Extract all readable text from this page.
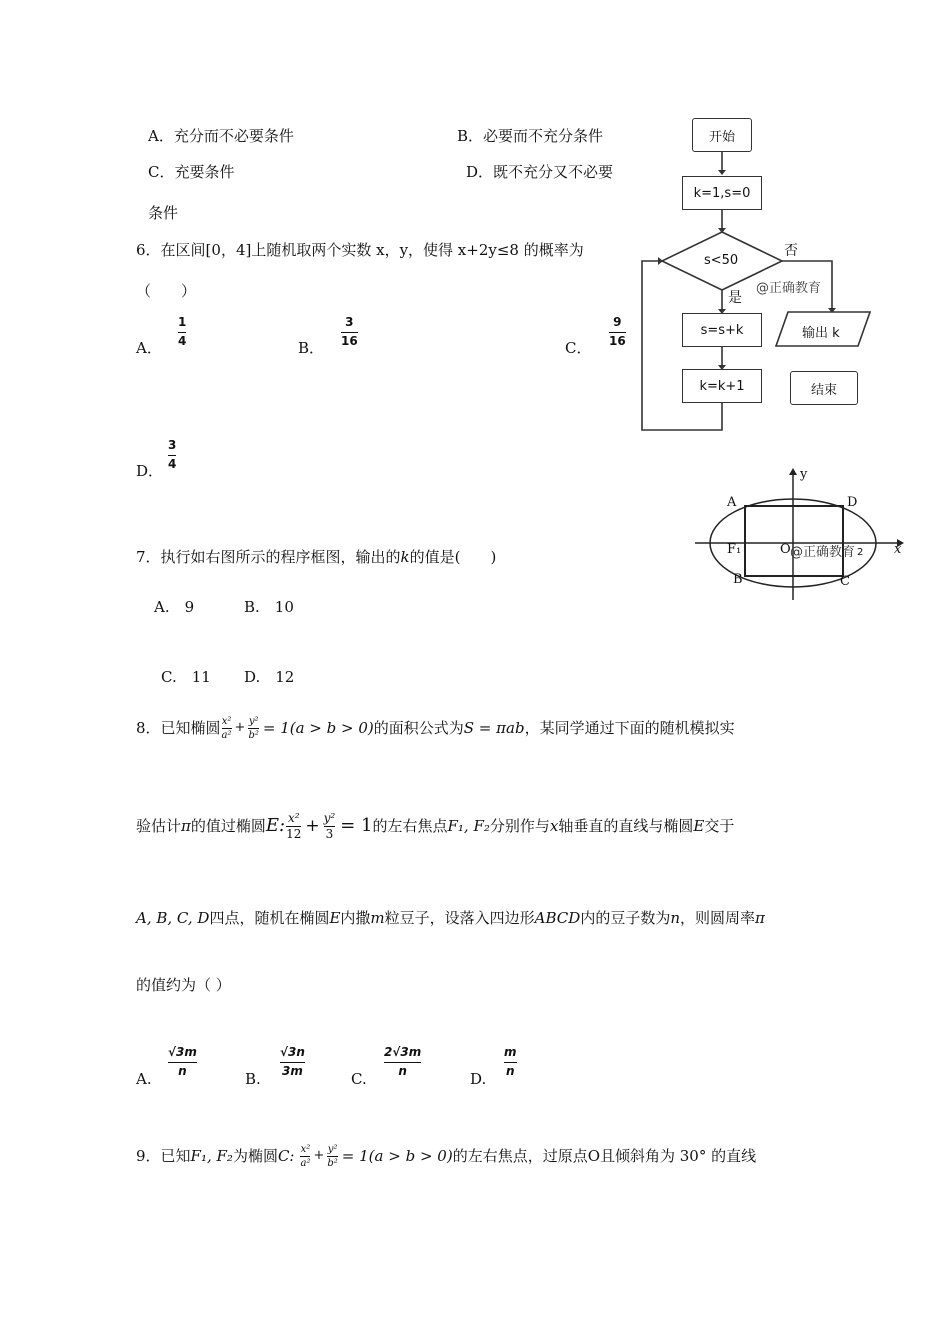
A．充分而不必要条件	B．必要而不充分条件
C．充要条件	D．既不充分又不必要
条件
6．在区间[0，4]上随机取两个实数 x，y，使得 x+2y≤8 的概率为
（　　）
A．
1
4	B．
3
16	C．
9
16
D．
3
4
7．执行如右图所示的程序框图，输出的k的值是(　　)
A.　9	B.　10
C.　11 D.　12
8．已知椭圆 x²
a² + y²
b² = 1(a > b > 0) 的面积公式为 S = πab ，某同学通过下面的随机模拟实
验估计 π 的值过椭圆 E: x²
12 + y²
3 = 1 的左右焦点 F₁, F₂ 分别作与 x 轴垂直的直线与椭圆 E 交于
A, B, C, D四点，随机在椭圆E内撒m粒豆子，设落入四边形ABCD内的豆子数为n，则圆周率π
的值约为（ ）
A.
√3m
n	B.
√3n
3m	C.
2√3m
n	D.
m
n
9．已知 F₁, F₂ 为椭圆 C: x²
a² + y²
b² = 1(a > b > 0) 的左右焦点，过原点O且倾斜角为 30° 的直线
开始
k=1,s=0
s<50
否
是
@正确教育
s=s+k	输出 k
k=k+1	结束
y
x
A	D
B	C
F₁	O @正确教育 2
